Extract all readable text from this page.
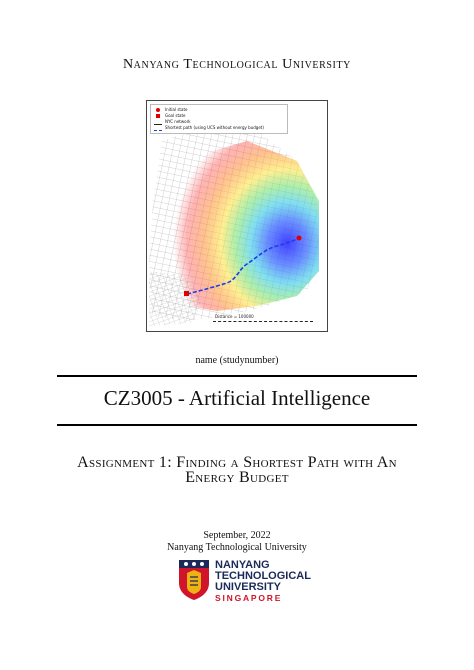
Nanyang Technological University
Initial state
Goal state
NYC network
Shortest path (using UCS without energy budget)
Distance = 100000
name (studynumber)
CZ3005 - Artificial Intelligence
Assignment 1: Finding a Shortest Path with An Energy Budget
September, 2022
Nanyang Technological University
NANYANG
TECHNOLOGICAL
UNIVERSITY
SINGAPORE
